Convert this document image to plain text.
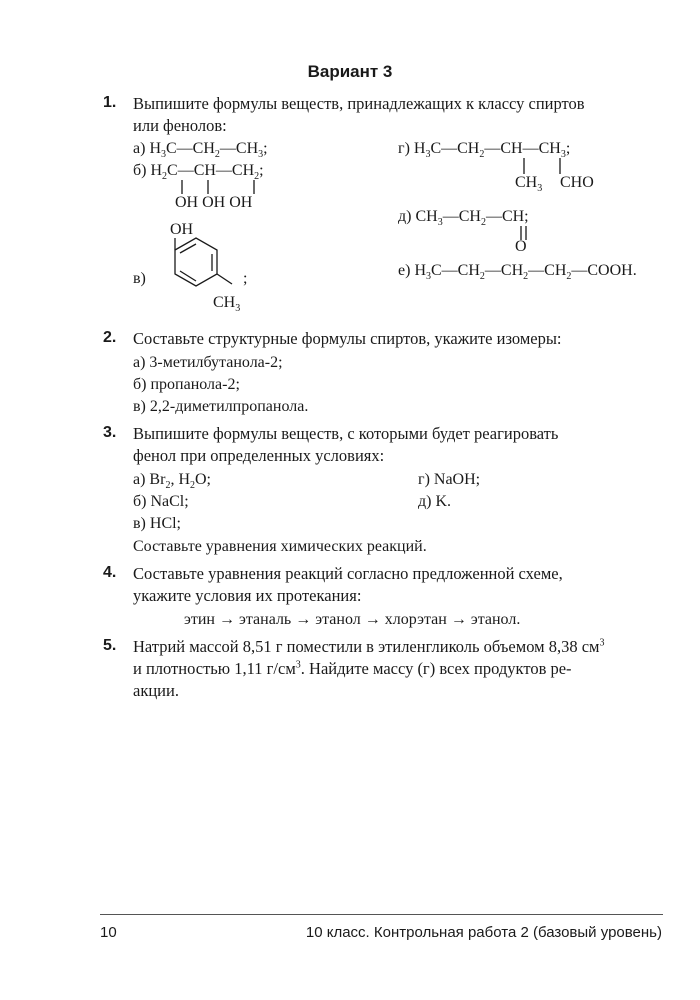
Вариант 3
1. Выпишите формулы веществ, принадлежащих к классу спиртов
или фенолов:
а) $H_3C—CH_2—CH_3$;
б) $H_2C—CH—CH_2$;
OH OH OH
в)
OH
$CH_3$
;
г) $H_3C—CH_2—CH—CH_3$;
$CH_3$ CHO
д) $CH_3—CH_2—CH$;
O
е) $H_3C—CH_2—CH_2—CH_2—COOH$.
2. Составьте структурные формулы спиртов, укажите изомеры:
а) 3-метилбутанола-2;
б) пропанола-2;
в) 2,2-диметилпропанола.
3. Выпишите формулы веществ, с которыми будет реагировать
фенол при определенных условиях:
а) $Br_2$, $H_2O$;
б) NaCl;
в) HCl;
г) NaOH;
д) K.
Составьте уравнения химических реакций.
4. Составьте уравнения реакций согласно предложенной схеме,
укажите условия их протекания:
этин → этаналь → этанол → хлорэтан → этанол.
5. Натрий массой 8,51 г поместили в этиленгликоль объемом 8,38 $см^3$
и плотностью 1,11 $г/см^3$. Найдите массу (г) всех продуктов ре-
акции.
10	10 класс. Контрольная работа 2 (базовый уровень)
